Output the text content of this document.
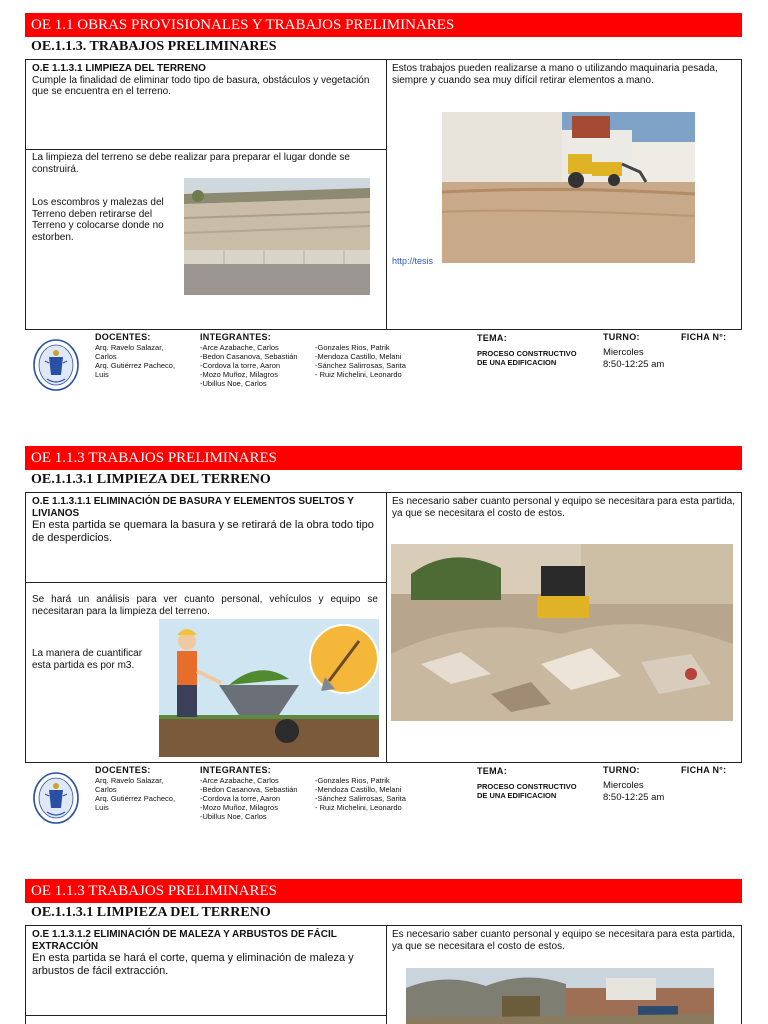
OE 1.1 OBRAS PROVISIONALES Y TRABAJOS PRELIMINARES
OE.1.1.3. TRABAJOS PRELIMINARES
O.E 1.1.3.1 LIMPIEZA DEL TERRENO
Cumple la finalidad de eliminar todo tipo de basura, obstáculos y vegetación que se encuentra en el terreno.
La limpieza del terreno se debe realizar para preparar el lugar donde se construirá.
Los escombros y malezas del Terreno deben retirarse del Terreno y colocarse donde no estorben.
Estos trabajos pueden realizarse a mano o utilizando maquinaria pesada, siempre y cuando sea muy difícil retirar elementos a mano.
http://tesis
DOCENTES:
Arq. Ravelo Salazar,
Carlos
Arq. Gutiérrez Pacheco,
Luis
INTEGRANTES:
-Arce Azabache, Carlos
-Bedon Casanova, Sebastián
-Cordova la torre, Aaron
-Mozo Muñoz, Milagros
-Ubillus Noe, Carlos
-Gonzales Rios, Patrik
-Mendoza Castillo, Melani
-Sánchez Salirrosas, Sarita
- Ruiz Michelini, Leonardo
TEMA:
PROCESO CONSTRUCTIVO
DE UNA EDIFICACION
TURNO:
Miercoles
8:50-12:25 am
FICHA N°:
OE 1.1.3 TRABAJOS PRELIMINARES
OE.1.1.3.1 LIMPIEZA DEL TERRENO
O.E 1.1.3.1.1 ELIMINACIÓN DE BASURA Y ELEMENTOS SUELTOS Y LIVIANOS
En esta partida se quemara la basura y se retirará de la obra todo tipo de desperdicios.
Se hará un análisis para ver cuanto personal, vehículos y equipo se necesitaran para la limpieza del terreno.
La manera de cuantificar esta partida es por m3.
Es necesario saber cuanto personal y equipo se necesitara para esta partida, ya que se necesitara el costo de estos.
DOCENTES:
Arq. Ravelo Salazar,
Carlos
Arq. Gutiérrez Pacheco,
Luis
INTEGRANTES:
-Arce Azabache, Carlos
-Bedon Casanova, Sebastián
-Cordova la torre, Aaron
-Mozo Muñoz, Milagros
-Ubillus Noe, Carlos
-Gonzales Rios, Patrik
-Mendoza Castillo, Melani
-Sánchez Salirrosas, Sarita
- Ruiz Michelini, Leonardo
TEMA:
PROCESO CONSTRUCTIVO
DE UNA EDIFICACION
TURNO:
Miercoles
8:50-12:25 am
FICHA N°:
OE 1.1.3 TRABAJOS PRELIMINARES
OE.1.1.3.1 LIMPIEZA DEL TERRENO
O.E 1.1.3.1.2 ELIMINACIÓN DE MALEZA Y ARBUSTOS DE FÁCIL EXTRACCIÓN
En esta partida se hará el corte, quema y eliminación de maleza y arbustos de fácil extracción.
Es necesario saber cuanto personal y equipo se necesitara para esta partida, ya que se necesitara el costo de estos.
